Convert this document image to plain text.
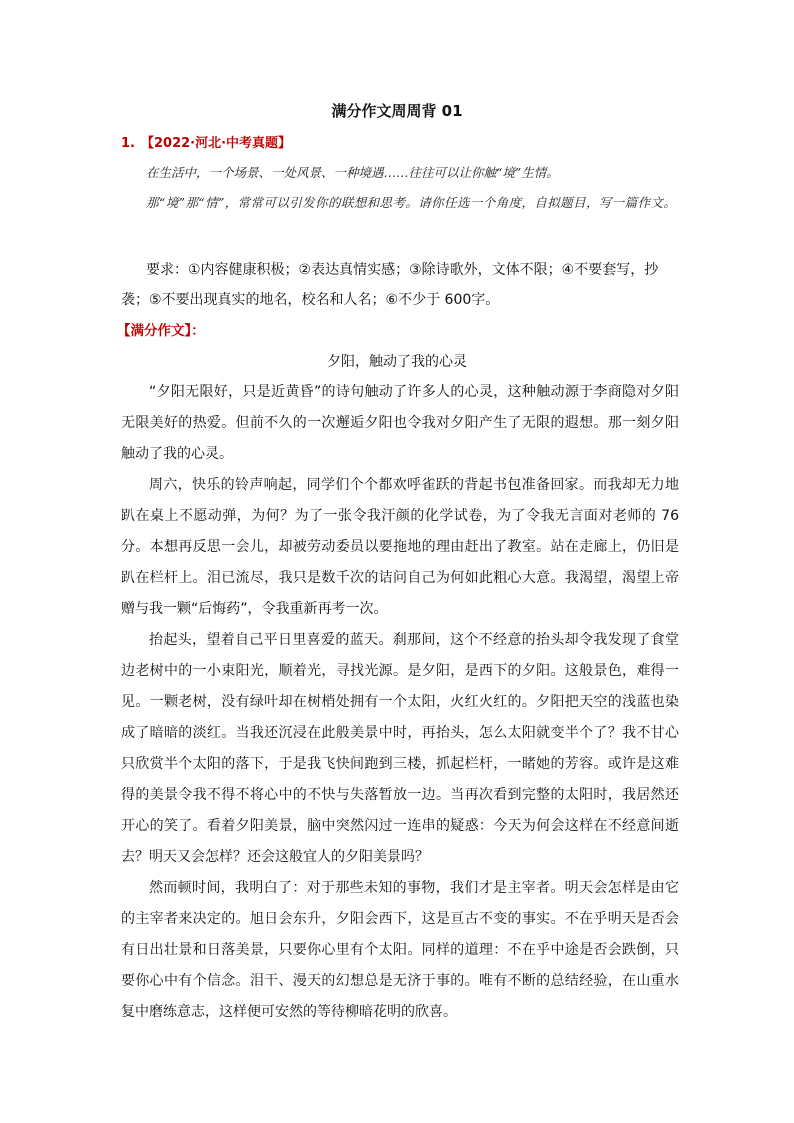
满分作文周周背 01
1. 【2022·河北·中考真题】
在生活中，一个场景、一处风景、一种境遇……往往可以让你触“境”生情。
那“境”那“情”，常常可以引发你的联想和思考。请你任选一个角度，自拟题目，写一篇作文。
要求：①内容健康积极；②表达真情实感；③除诗歌外，文体不限；④不要套写，抄袭；⑤不要出现真实的地名，校名和人名；⑥不少于 600字。
【满分作文】：
夕阳，触动了我的心灵

“夕阳无限好，只是近黄昏”的诗句触动了许多人的心灵，这种触动源于李商隐对夕阳无限美好的热爱。但前不久的一次邂逅夕阳也令我对夕阳产生了无限的遐想。那一刻夕阳触动了我的心灵。

周六，快乐的铃声响起，同学们个个都欢呼雀跃的背起书包准备回家。而我却无力地趴在桌上不愿动弹，为何？为了一张令我汗颜的化学试卷，为了令我无言面对老师的 76分。本想再反思一会儿，却被劳动委员以要拖地的理由赶出了教室。站在走廊上，仍旧是趴在栏杆上。泪已流尽，我只是数千次的诘问自己为何如此粗心大意。我渴望，渴望上帝赠与我一颗“后悔药”，令我重新再考一次。

抬起头，望着自己平日里喜爱的蓝天。刹那间，这个不经意的抬头却令我发现了食堂边老树中的一小束阳光，顺着光，寻找光源。是夕阳，是西下的夕阳。这般景色，难得一见。一颗老树，没有绿叶却在树梢处拥有一个太阳，火红火红的。夕阳把天空的浅蓝也染成了暗暗的淡红。当我还沉浸在此般美景中时，再抬头，怎么太阳就变半个了？我不甘心只欣赏半个太阳的落下，于是我飞快间跑到三楼，抓起栏杆，一睹她的芳容。或许是这难得的美景令我不得不将心中的不快与失落暂放一边。当再次看到完整的太阳时，我居然还开心的笑了。看着夕阳美景，脑中突然闪过一连串的疑惑：今天为何会这样在不经意间逝去？明天又会怎样？还会这般宜人的夕阳美景吗？

然而顿时间，我明白了：对于那些未知的事物，我们才是主宰者。明天会怎样是由它的主宰者来决定的。旭日会东升，夕阳会西下，这是亘古不变的事实。不在乎明天是否会有日出壮景和日落美景，只要你心里有个太阳。同样的道理：不在乎中途是否会跌倒，只要你心中有个信念。泪干、漫天的幻想总是无济于事的。唯有不断的总结经验，在山重水复中磨练意志，这样便可安然的等待柳暗花明的欣喜。
